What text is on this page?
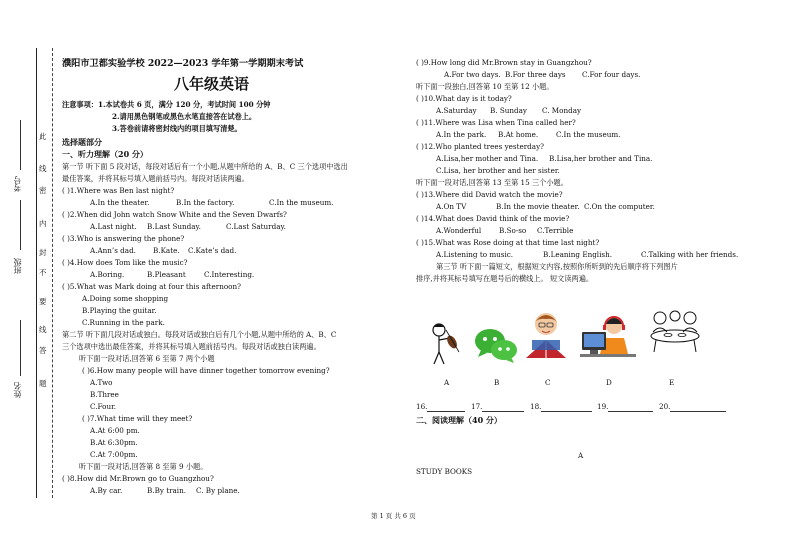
考号
班级
姓名
此
线
密
内
封
不
要
线
答
题
濮阳市卫都实验学校 2022—2023 学年第一学期期末考试
八年级英语
注意事项：1.本试卷共 6 页，满分 120 分，考试时间 100 分钟
2.请用黑色钢笔或黑色水笔直接答在试卷上。
3.答卷前请将密封线内的项目填写清楚。
选择题部分
一、听力理解（20 分）
第一节 听下面 5 段对话，每段对话后有一个小题,从题中所给的 A、B、C 三个选项中选出
最佳答案，并将其标号填入题前括号内。每段对话读两遍。
( )1.Where was Ben last night?
A.In the theater.	B.In the factory.	C.In the museum.
( )2.When did John watch Snow White and the Seven Dwarfs?
A.Last night. B.Last Sunday.	C.Last Saturday.
( )3.Who is answering the phone?
A.Ann’s dad. B.Kate. C.Kate’s dad.
( )4.How does Tom like the music?
A.Boring.	B.Pleasant	C.Interesting.
( )5.What was Mark doing at four this afternoon?
A.Doing some shopping
B.Playing the guitar.
C.Running in the park.
第二节 听下面几段对话或独白。每段对话或独白后有几个小题,从题中所给的 A、B、C
三个选项中选出最佳答案，并将其标号填入题前括号内。每段对话或独白读两遍。
听下面一段对话,回答第 6 至第 7 两个小题
( )6.How many people will have dinner together tomorrow evening?
A.Two
B.Three
C.Four.
( )7.What time will they meet?
A.At 6:00 pm.
B.At 6:30pm.
C.At 7:00pm.
听下面一段对话,回答第 8 至第 9 小题。
( )8.How did Mr.Brown go to Guangzhou?
A.By car.	B.By train. C. By plane.
( )9.How long did Mr.Brown stay in Guangzhou?
A.For two days. B.For three days C.For four days.
听下面一段独白,回答第 10 至第 12 小题。
( )10.What day is it today?
A.Saturday B. Sunday C. Monday
( )11.Where was Lisa when Tina called her?
A.In the park. B.At home. C.In the museum.
( )12.Who planted trees yesterday?
A.Lisa,her mother and Tina. B.Lisa,her brother and Tina.
C.Lisa, her brother and her sister.
听下面一段对话,回答第 13 至第 15 三个小题。
( )13.Where did David watch the movie?
A.On TV	B.In the movie theater. C.On the computer.
( )14.What does David think of the movie?
A.Wonderful B.So-so C.Terrible
( )15.What was Rose doing at that time last night?
A.Listening to music.	B.Leaning English.	C.Talking with her friends.
第三节 听下面一篇短文，根据短文内容,按照你所听到的先后顺序将下列图片
排序,并将其标号填写在题号后的横线上。 短文读两遍。
A	B	C	D	E
16.	17.	18.	19.	20.
二、阅读理解（40 分）
A
STUDY BOOKS
第 1 页 共 6 页
